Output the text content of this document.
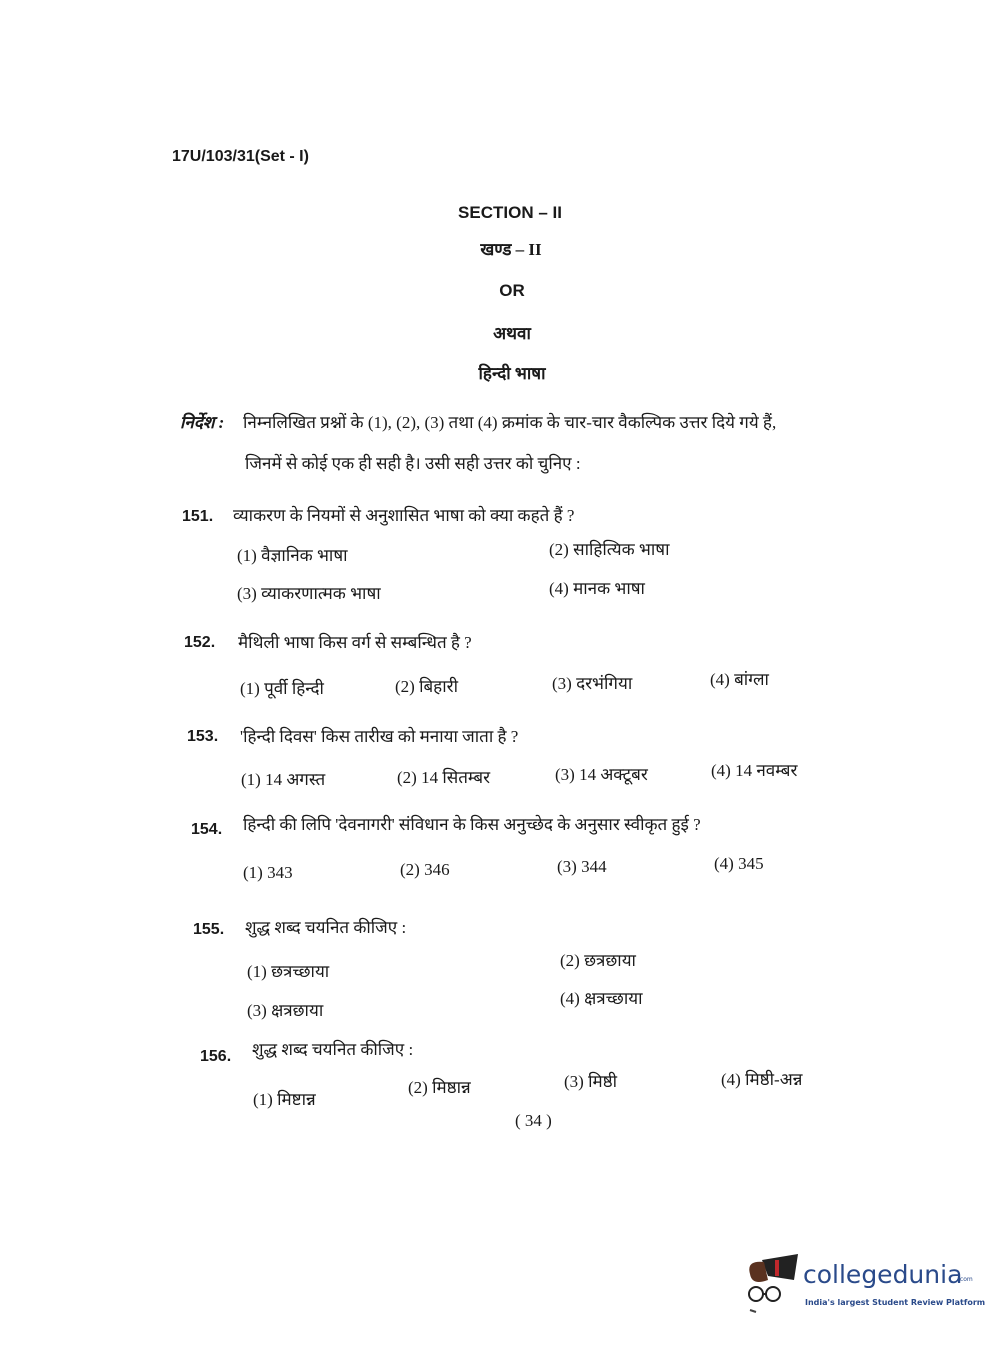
17U/103/31(Set - I)
SECTION – II
खण्ड – II
OR
अथवा
हिन्दी भाषा
निर्देश : निम्नलिखित प्रश्नों के (1), (2), (3) तथा (4) क्रमांक के चार-चार वैकल्पिक उत्तर दिये गये हैं,
जिनमें से कोई एक ही सही है। उसी सही उत्तर को चुनिए :
151. व्याकरण के नियमों से अनुशासित भाषा को क्या कहते हैं ?
(1) वैज्ञानिक भाषा	(2) साहित्यिक भाषा
(3) व्याकरणात्मक भाषा	(4) मानक भाषा
152. मैथिली भाषा किस वर्ग से सम्बन्धित है ?
(1) पूर्वी हिन्दी	(2) बिहारी	(3) दरभंगिया	(4) बांग्ला
153. 'हिन्दी दिवस' किस तारीख को मनाया जाता है ?
(1) 14 अगस्त	(2) 14 सितम्बर	(3) 14 अक्टूबर	(4) 14 नवम्बर
154. हिन्दी की लिपि 'देवनागरी' संविधान के किस अनुच्छेद के अनुसार स्वीकृत हुई ?
(1) 343	(2) 346	(3) 344	(4) 345
155. शुद्ध शब्द चयनित कीजिए :
(1) छत्रच्छाया
(2) छत्रछाया
(3) क्षत्रछाया
(4) क्षत्रच्छाया
156. शुद्ध शब्द चयनित कीजिए :
(1) मिष्टान्न
(2) मिष्ठान्न	(3) मिष्ठी	(4) मिष्ठी-अन्न
( 34 )
collegedunia
.com
India's largest Student Review Platform
